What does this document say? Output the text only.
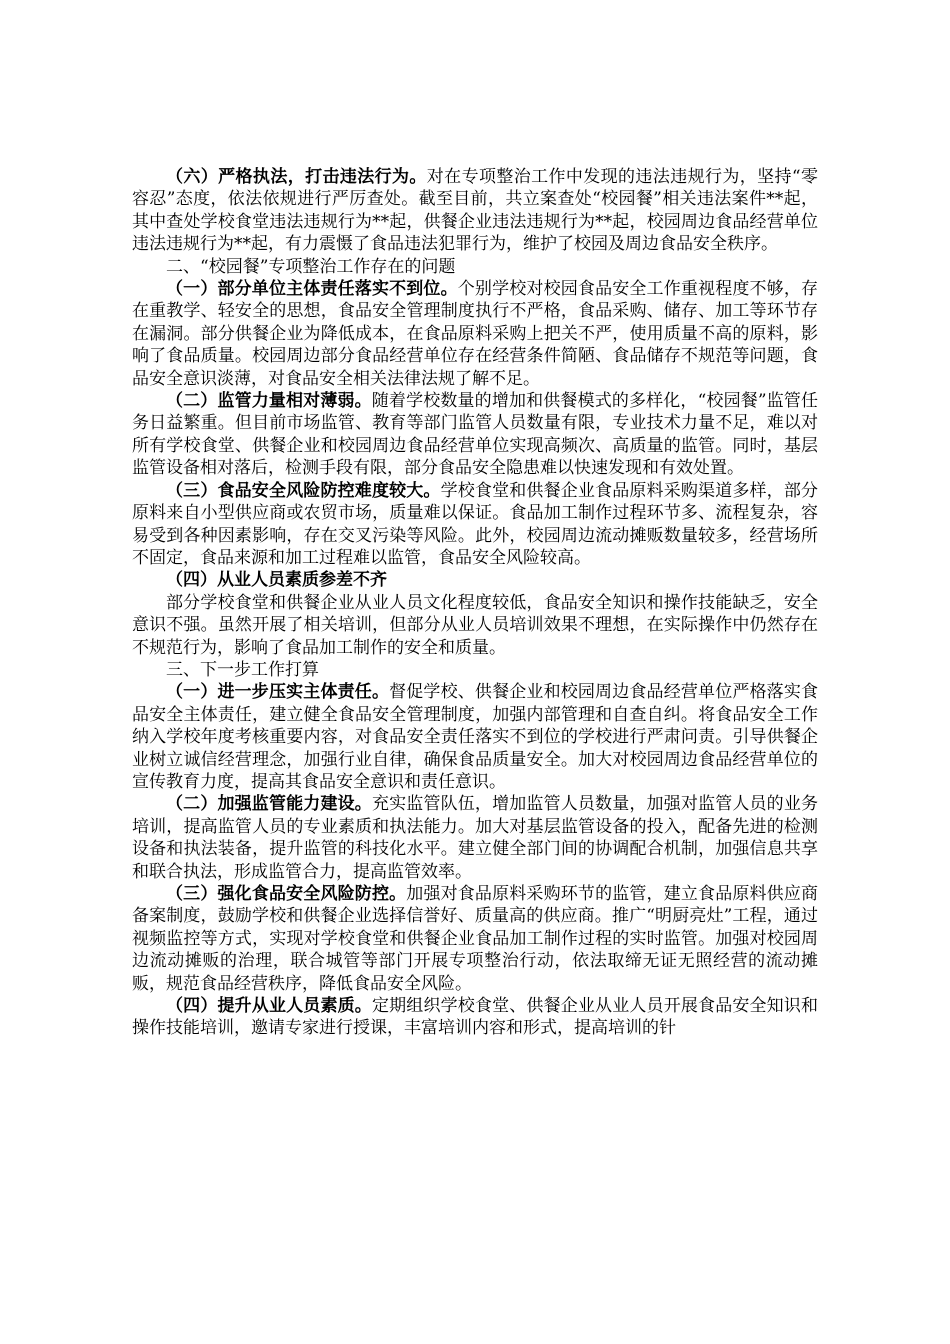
（六）严格执法，打击违法行为。对在专项整治工作中发现的违法违规行为，坚持“零容忍”态度，依法依规进行严厉查处。截至目前，共立案查处“校园餐”相关违法案件**起，其中查处学校食堂违法违规行为**起，供餐企业违法违规行为**起，校园周边食品经营单位违法违规行为**起，有力震慑了食品违法犯罪行为，维护了校园及周边食品安全秩序。

二、“校园餐”专项整治工作存在的问题

（一）部分单位主体责任落实不到位。个别学校对校园食品安全工作重视程度不够，存在重教学、轻安全的思想，食品安全管理制度执行不严格，食品采购、储存、加工等环节存在漏洞。部分供餐企业为降低成本，在食品原料采购上把关不严，使用质量不高的原料，影响了食品质量。校园周边部分食品经营单位存在经营条件简陋、食品储存不规范等问题，食品安全意识淡薄，对食品安全相关法律法规了解不足。

（二）监管力量相对薄弱。随着学校数量的增加和供餐模式的多样化，“校园餐”监管任务日益繁重。但目前市场监管、教育等部门监管人员数量有限，专业技术力量不足，难以对所有学校食堂、供餐企业和校园周边食品经营单位实现高频次、高质量的监管。同时，基层监管设备相对落后，检测手段有限，部分食品安全隐患难以快速发现和有效处置。

（三）食品安全风险防控难度较大。学校食堂和供餐企业食品原料采购渠道多样，部分原料来自小型供应商或农贸市场，质量难以保证。食品加工制作过程环节多、流程复杂，容易受到各种因素影响，存在交叉污染等风险。此外，校园周边流动摊贩数量较多，经营场所不固定，食品来源和加工过程难以监管，食品安全风险较高。

（四）从业人员素质参差不齐

部分学校食堂和供餐企业从业人员文化程度较低，食品安全知识和操作技能缺乏，安全意识不强。虽然开展了相关培训，但部分从业人员培训效果不理想，在实际操作中仍然存在不规范行为，影响了食品加工制作的安全和质量。

三、下一步工作打算

（一）进一步压实主体责任。督促学校、供餐企业和校园周边食品经营单位严格落实食品安全主体责任，建立健全食品安全管理制度，加强内部管理和自查自纠。将食品安全工作纳入学校年度考核重要内容，对食品安全责任落实不到位的学校进行严肃问责。引导供餐企业树立诚信经营理念，加强行业自律，确保食品质量安全。加大对校园周边食品经营单位的宣传教育力度，提高其食品安全意识和责任意识。

（二）加强监管能力建设。充实监管队伍，增加监管人员数量，加强对监管人员的业务培训，提高监管人员的专业素质和执法能力。加大对基层监管设备的投入，配备先进的检测设备和执法装备，提升监管的科技化水平。建立健全部门间的协调配合机制，加强信息共享和联合执法，形成监管合力，提高监管效率。

（三）强化食品安全风险防控。加强对食品原料采购环节的监管，建立食品原料供应商备案制度，鼓励学校和供餐企业选择信誉好、质量高的供应商。推广“明厨亮灶”工程，通过视频监控等方式，实现对学校食堂和供餐企业食品加工制作过程的实时监管。加强对校园周边流动摊贩的治理，联合城管等部门开展专项整治行动，依法取缔无证无照经营的流动摊贩，规范食品经营秩序，降低食品安全风险。

（四）提升从业人员素质。定期组织学校食堂、供餐企业从业人员开展食品安全知识和操作技能培训，邀请专家进行授课，丰富培训内容和形式，提高培训的针
